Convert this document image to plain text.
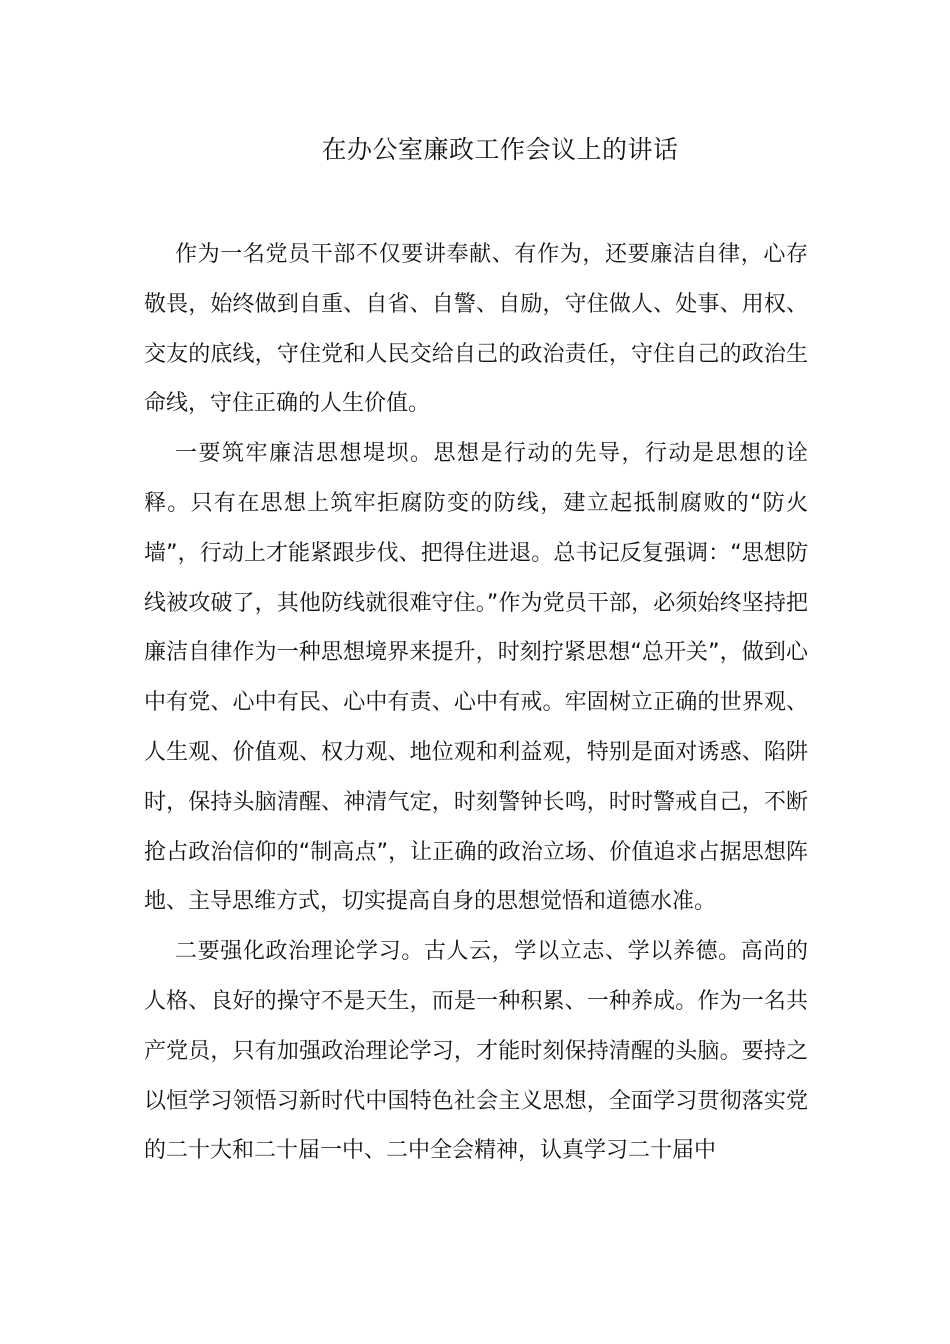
在办公室廉政工作会议上的讲话

作为一名党员干部不仅要讲奉献、有作为，还要廉洁自律，心存敬畏，始终做到自重、自省、自警、自励，守住做人、处事、用权、交友的底线，守住党和人民交给自己的政治责任，守住自己的政治生命线，守住正确的人生价值。

一要筑牢廉洁思想堤坝。思想是行动的先导，行动是思想的诠释。只有在思想上筑牢拒腐防变的防线，建立起抵制腐败的“防火墙”，行动上才能紧跟步伐、把得住进退。总书记反复强调：“思想防线被攻破了，其他防线就很难守住。”作为党员干部，必须始终坚持把廉洁自律作为一种思想境界来提升，时刻拧紧思想“总开关”，做到心中有党、心中有民、心中有责、心中有戒。牢固树立正确的世界观、人生观、价值观、权力观、地位观和利益观，特别是面对诱惑、陷阱时，保持头脑清醒、神清气定，时刻警钟长鸣，时时警戒自己，不断抢占政治信仰的“制高点”，让正确的政治立场、价值追求占据思想阵地、主导思维方式，切实提高自身的思想觉悟和道德水准。

二要强化政治理论学习。古人云，学以立志、学以养德。高尚的人格、良好的操守不是天生，而是一种积累、一种养成。作为一名共产党员，只有加强政治理论学习，才能时刻保持清醒的头脑。要持之以恒学习领悟习新时代中国特色社会主义思想，全面学习贯彻落实党的二十大和二十届一中、二中全会精神，认真学习二十届中
